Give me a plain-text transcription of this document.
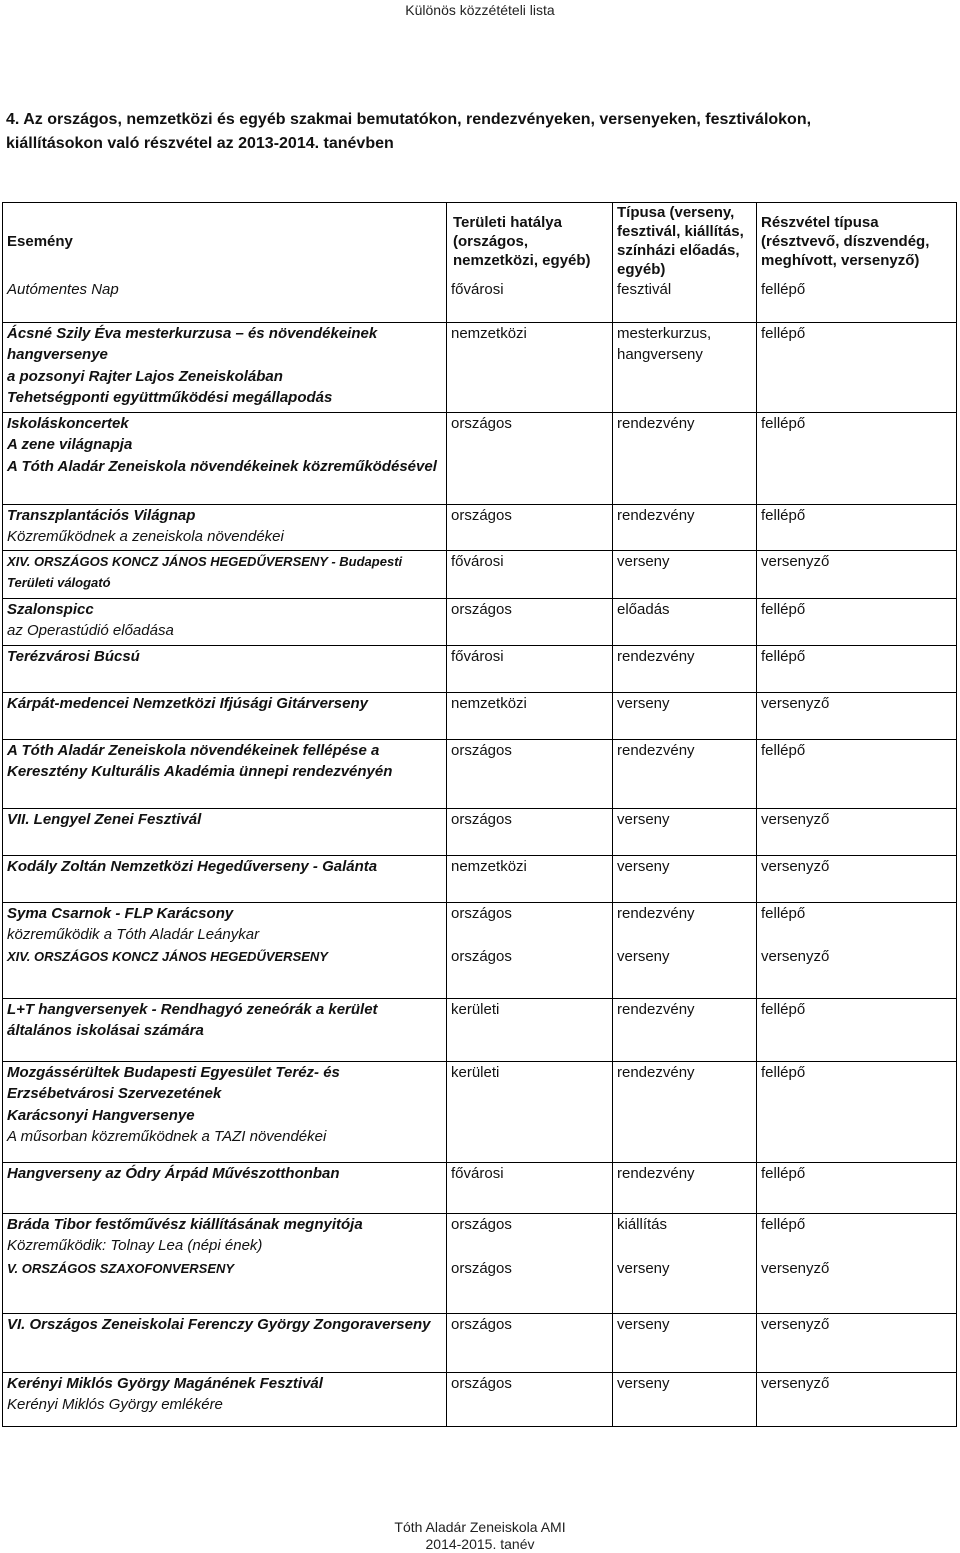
Különös közzétételi lista
4. Az országos, nemzetközi és egyéb szakmai bemutatókon, rendezvényeken, versenyeken, fesztiválokon, kiállításokon való részvétel az 2013-2014. tanévben
Esemény	Területi hatálya (országos, nemzetközi, egyéb)	Típusa (verseny, fesztivál, kiállítás, színházi előadás, egyéb)	Részvétel típusa (résztvevő, díszvendég, meghívott, versenyző)

Autómentes Nap	fővárosi	fesztivál	fellépő

Ácsné Szily Éva mesterkurzusa – és növendékeinek hangversenye
a pozsonyi Rajter Lajos Zeneiskolában
Tehetségponti együttműködési megállapodás	nemzetközi	mesterkurzus, hangverseny	fellépő

Iskoláskoncertek
A zene világnapja
A Tóth Aladár Zeneiskola növendékeinek közreműködésével	országos	rendezvény	fellépő

Transzplantációs Világnap
Közreműködnek a zeneiskola növendékei	országos	rendezvény	fellépő

XIV. ORSZÁGOS KONCZ JÁNOS HEGEDŰVERSENY - Budapesti Területi válogató	fővárosi	verseny	versenyző

Szalonspicc
az Operastúdió előadása	országos	előadás	fellépő

Terézvárosi Búcsú	fővárosi	rendezvény	fellépő

Kárpát-medencei Nemzetközi Ifjúsági Gitárverseny	nemzetközi	verseny	versenyző

A Tóth Aladár Zeneiskola növendékeinek fellépése a Keresztény Kulturális Akadémia ünnepi rendezvényén	országos	rendezvény	fellépő

VII. Lengyel Zenei Fesztivál	országos	verseny	versenyző

Kodály Zoltán Nemzetközi Hegedűverseny - Galánta	nemzetközi	verseny	versenyző

Syma Csarnok - FLP Karácsony
közreműködik a Tóth Aladár Leánykar	országos	rendezvény	fellépő

XIV. ORSZÁGOS KONCZ JÁNOS HEGEDŰVERSENY	országos	verseny	versenyző

L+T hangversenyek - Rendhagyó zeneórák a kerület általános iskolásai számára	kerületi	rendezvény	fellépő

Mozgássérültek Budapesti Egyesület Teréz- és Erzsébetvárosi Szervezetének
Karácsonyi Hangversenye
A műsorban közreműködnek a TAZI növendékei	kerületi	rendezvény	fellépő

Hangverseny az Ódry Árpád Művészotthonban	fővárosi	rendezvény	fellépő

Bráda Tibor festőművész kiállításának megnyitója
Közreműködik: Tolnay Lea (népi ének)	országos	kiállítás	fellépő

V. ORSZÁGOS SZAXOFONVERSENY	országos	verseny	versenyző

VI. Országos Zeneiskolai Ferenczy György Zongoraverseny	országos	verseny	versenyző

Kerényi Miklós György Magánének Fesztivál
Kerényi Miklós György emlékére	országos	verseny	versenyző
Tóth Aladár Zeneiskola AMI
2014-2015. tanév
